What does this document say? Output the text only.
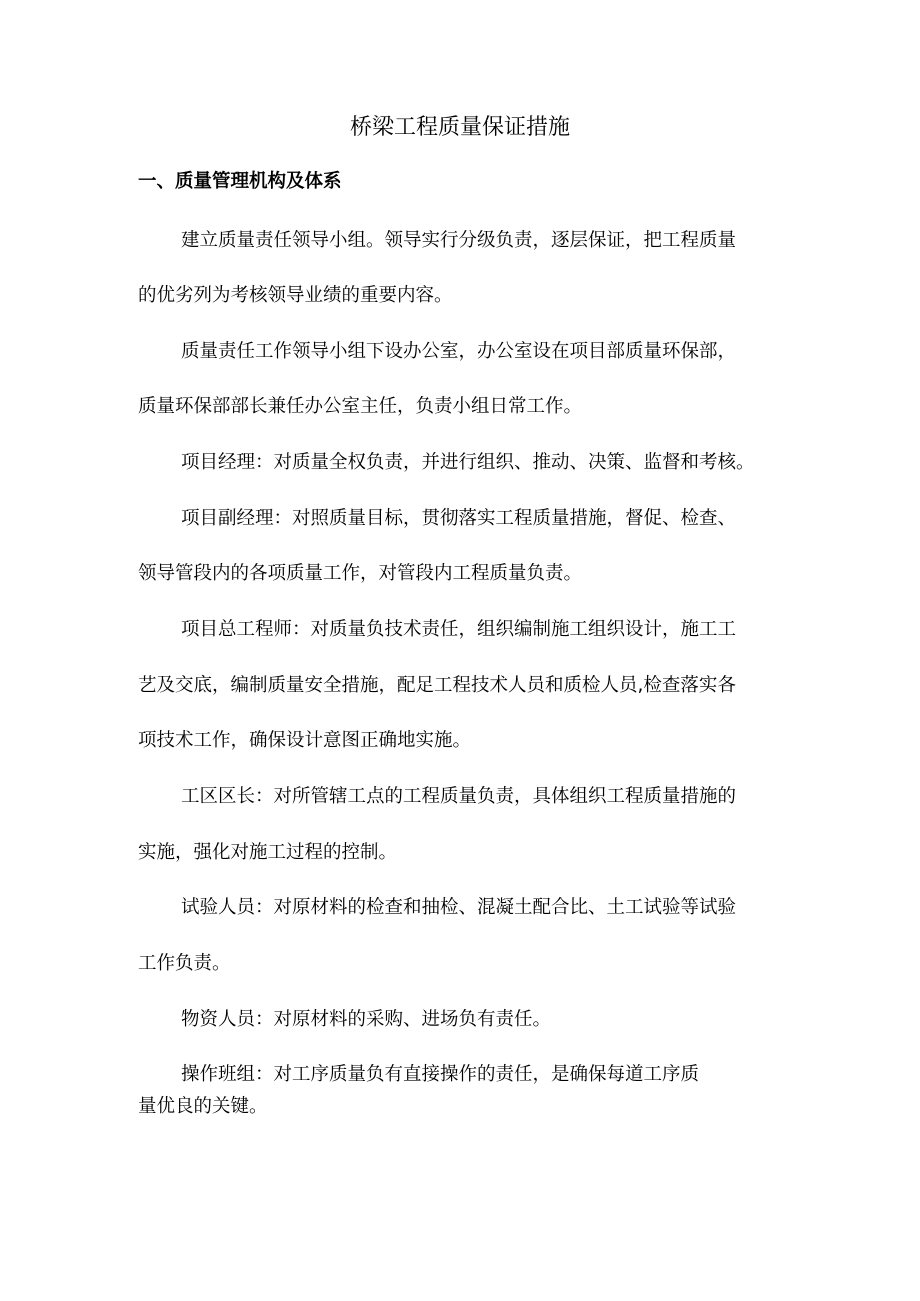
桥梁工程质量保证措施
一、质量管理机构及体系
建立质量责任领导小组。领导实行分级负责，逐层保证，把工程质量
的优劣列为考核领导业绩的重要内容。
质量责任工作领导小组下设办公室，办公室设在项目部质量环保部，
质量环保部部长兼任办公室主任，负责小组日常工作。
项目经理：对质量全权负责，并进行组织、推动、决策、监督和考核。
项目副经理：对照质量目标，贯彻落实工程质量措施，督促、检查、
领导管段内的各项质量工作，对管段内工程质量负责。
项目总工程师：对质量负技术责任，组织编制施工组织设计，施工工
艺及交底，编制质量安全措施，配足工程技术人员和质检人员,检查落实各
项技术工作，确保设计意图正确地实施。
工区区长：对所管辖工点的工程质量负责，具体组织工程质量措施的
实施，强化对施工过程的控制。
试验人员：对原材料的检查和抽检、混凝土配合比、土工试验等试验
工作负责。
物资人员：对原材料的采购、进场负有责任。
操作班组：对工序质量负有直接操作的责任，是确保每道工序质
量优良的关键。
